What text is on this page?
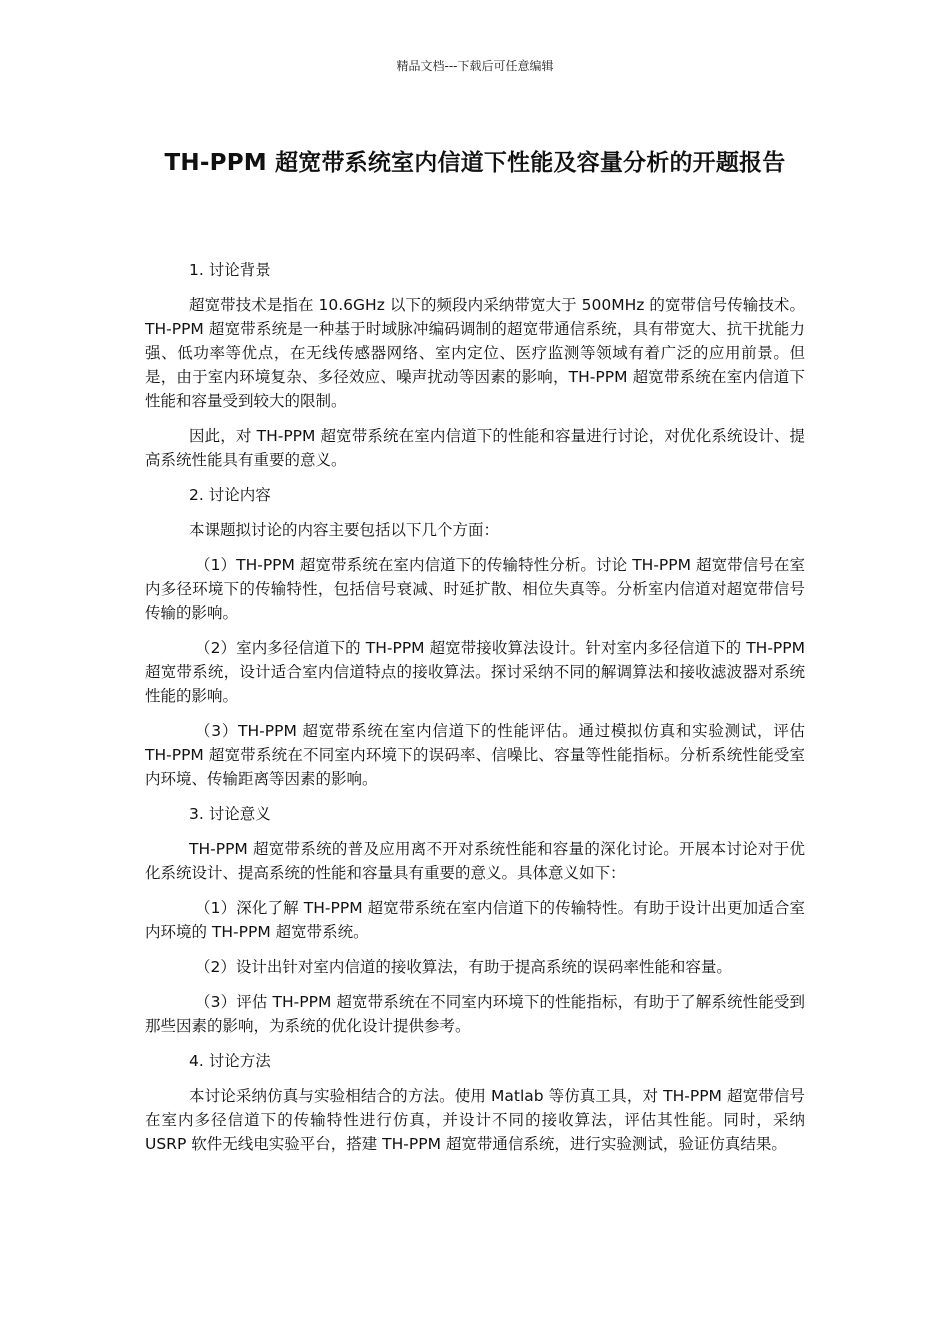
精品文档---下载后可任意编辑
TH-PPM 超宽带系统室内信道下性能及容量分析的开题报告

1. 讨论背景

超宽带技术是指在 10.6GHz 以下的频段内采纳带宽大于 500MHz 的宽带信号传输技术。TH-PPM 超宽带系统是一种基于时域脉冲编码调制的超宽带通信系统，具有带宽大、抗干扰能力强、低功率等优点，在无线传感器网络、室内定位、医疗监测等领域有着广泛的应用前景。但是，由于室内环境复杂、多径效应、噪声扰动等因素的影响，TH-PPM 超宽带系统在室内信道下性能和容量受到较大的限制。

因此，对 TH-PPM 超宽带系统在室内信道下的性能和容量进行讨论，对优化系统设计、提高系统性能具有重要的意义。

2. 讨论内容

本课题拟讨论的内容主要包括以下几个方面：

（1）TH-PPM 超宽带系统在室内信道下的传输特性分析。讨论 TH-PPM 超宽带信号在室内多径环境下的传输特性，包括信号衰减、时延扩散、相位失真等。分析室内信道对超宽带信号传输的影响。

（2）室内多径信道下的 TH-PPM 超宽带接收算法设计。针对室内多径信道下的 TH-PPM 超宽带系统，设计适合室内信道特点的接收算法。探讨采纳不同的解调算法和接收滤波器对系统性能的影响。

（3）TH-PPM 超宽带系统在室内信道下的性能评估。通过模拟仿真和实验测试，评估 TH-PPM 超宽带系统在不同室内环境下的误码率、信噪比、容量等性能指标。分析系统性能受室内环境、传输距离等因素的影响。

3. 讨论意义

TH-PPM 超宽带系统的普及应用离不开对系统性能和容量的深化讨论。开展本讨论对于优化系统设计、提高系统的性能和容量具有重要的意义。具体意义如下：

（1）深化了解 TH-PPM 超宽带系统在室内信道下的传输特性。有助于设计出更加适合室内环境的 TH-PPM 超宽带系统。

（2）设计出针对室内信道的接收算法，有助于提高系统的误码率性能和容量。

（3）评估 TH-PPM 超宽带系统在不同室内环境下的性能指标，有助于了解系统性能受到那些因素的影响，为系统的优化设计提供参考。

4. 讨论方法

本讨论采纳仿真与实验相结合的方法。使用 Matlab 等仿真工具，对 TH-PPM 超宽带信号在室内多径信道下的传输特性进行仿真，并设计不同的接收算法，评估其性能。同时，采纳 USRP 软件无线电实验平台，搭建 TH-PPM 超宽带通信系统，进行实验测试，验证仿真结果。
